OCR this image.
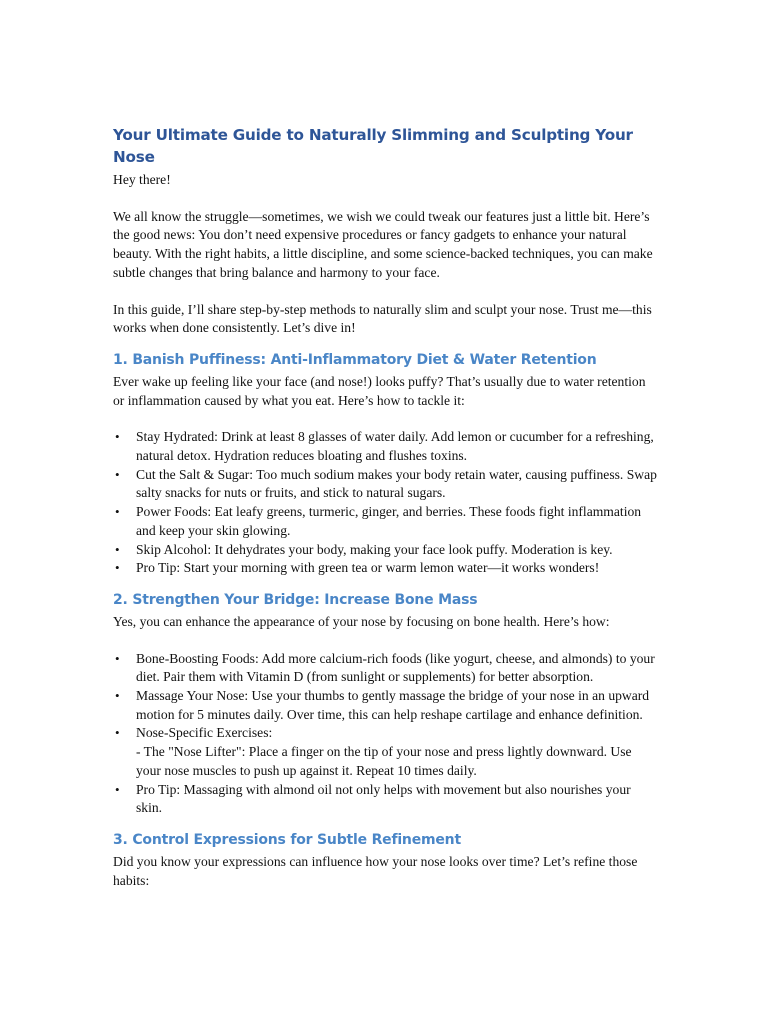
Your Ultimate Guide to Naturally Slimming and Sculpting Your Nose

Hey there!

We all know the struggle—sometimes, we wish we could tweak our features just a little bit. Here’s the good news: You don’t need expensive procedures or fancy gadgets to enhance your natural beauty. With the right habits, a little discipline, and some science-backed techniques, you can make subtle changes that bring balance and harmony to your face.

In this guide, I’ll share step-by-step methods to naturally slim and sculpt your nose. Trust me—this works when done consistently. Let’s dive in!

1. Banish Puffiness: Anti-Inflammatory Diet & Water Retention

Ever wake up feeling like your face (and nose!) looks puffy? That’s usually due to water retention or inflammation caused by what you eat. Here’s how to tackle it:

• Stay Hydrated: Drink at least 8 glasses of water daily. Add lemon or cucumber for a refreshing, natural detox. Hydration reduces bloating and flushes toxins.
• Cut the Salt & Sugar: Too much sodium makes your body retain water, causing puffiness. Swap salty snacks for nuts or fruits, and stick to natural sugars.
• Power Foods: Eat leafy greens, turmeric, ginger, and berries. These foods fight inflammation and keep your skin glowing.
• Skip Alcohol: It dehydrates your body, making your face look puffy. Moderation is key.
• Pro Tip: Start your morning with green tea or warm lemon water—it works wonders!
2. Strengthen Your Bridge: Increase Bone Mass

Yes, you can enhance the appearance of your nose by focusing on bone health. Here’s how:

• Bone-Boosting Foods: Add more calcium-rich foods (like yogurt, cheese, and almonds) to your diet. Pair them with Vitamin D (from sunlight or supplements) for better absorption.
• Massage Your Nose: Use your thumbs to gently massage the bridge of your nose in an upward motion for 5 minutes daily. Over time, this can help reshape cartilage and enhance definition.
• Nose-Specific Exercises:
- The "Nose Lifter": Place a finger on the tip of your nose and press lightly downward. Use your nose muscles to push up against it. Repeat 10 times daily.
• Pro Tip: Massaging with almond oil not only helps with movement but also nourishes your skin.
3. Control Expressions for Subtle Refinement

Did you know your expressions can influence how your nose looks over time? Let’s refine those habits:
